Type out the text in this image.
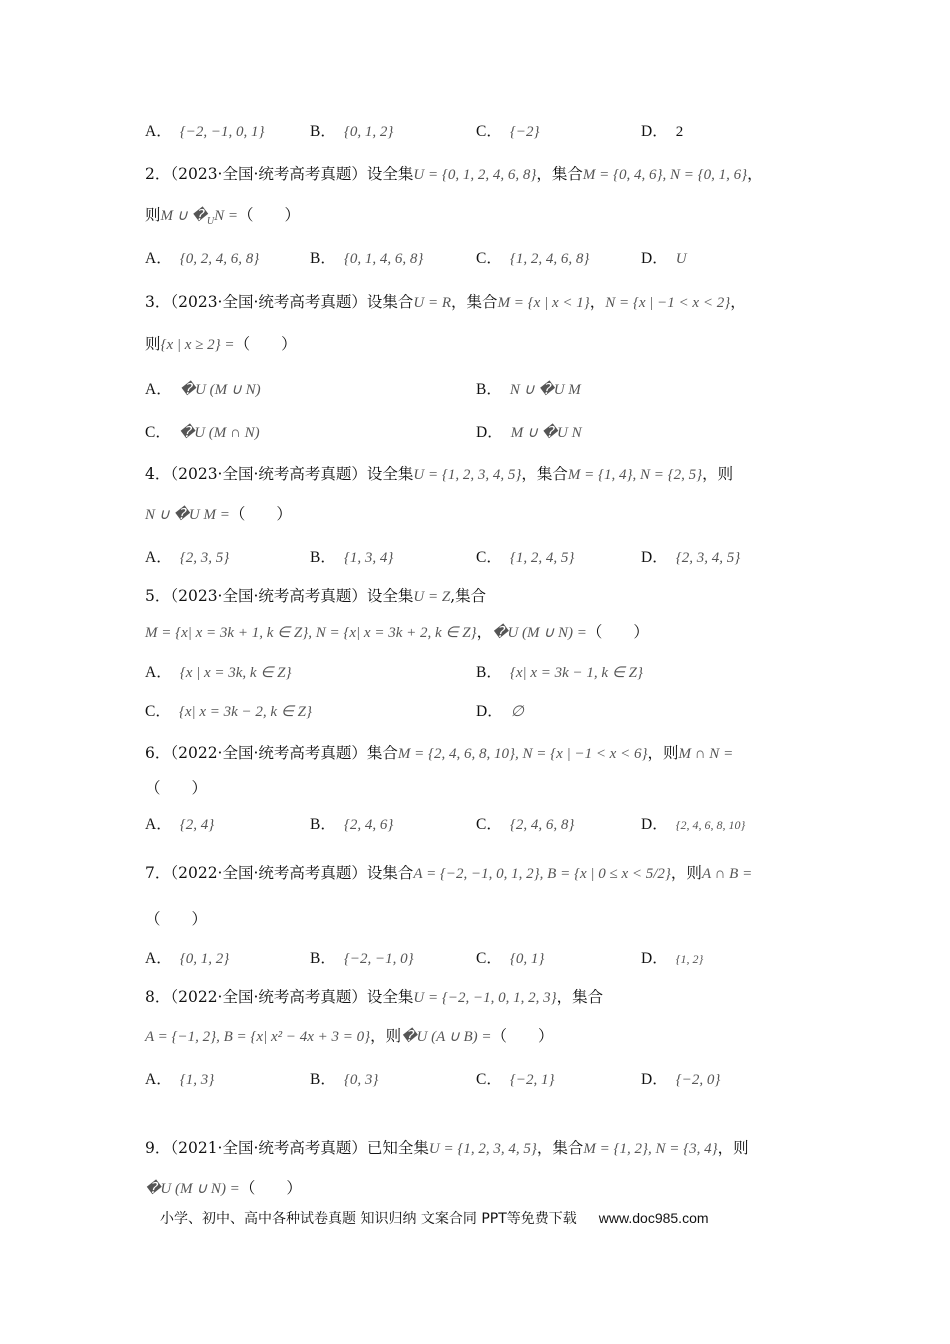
A． {−2, −1, 0, 1}	B． {0, 1, 2}	C． {−2}	D． 2
2．（2023·全国·统考高考真题）设全集U = {0, 1, 2, 4, 6, 8}，集合M = {0, 4, 6}, N = {0, 1, 6}，
则M ∪ $�_UN$ =（　　）
A． {0, 2, 4, 6, 8}	B． {0, 1, 4, 6, 8}	C． {1, 2, 4, 6, 8}	D． U
3．（2023·全国·统考高考真题）设集合U = R，集合M = {x | x < 1}，N = {x | −1 < x < 2}，
则{x | x ≥ 2} =（　　）
A． �U (M ∪ N)	B． N ∪ �U M
C． �U (M ∩ N)	D． M ∪ �U N
4．（2023·全国·统考高考真题）设全集U = {1, 2, 3, 4, 5}，集合M = {1, 4}, N = {2, 5}，则
N ∪ �U M =（　　）
A． {2, 3, 5}	B． {1, 3, 4}	C． {1, 2, 4, 5}	D． {2, 3, 4, 5}
5．（2023·全国·统考高考真题）设全集U = Z,集合
M = {x| x = 3k + 1, k ∈ Z}, N = {x| x = 3k + 2, k ∈ Z}，�U (M ∪ N) =（　　）
A． {x | x = 3k, k ∈ Z}	B． {x| x = 3k − 1, k ∈ Z}
C． {x| x = 3k − 2, k ∈ Z}	D． ∅
6．（2022·全国·统考高考真题）集合M = {2, 4, 6, 8, 10}, N = {x | −1 < x < 6}，则M ∩ N =
（　　）
A． {2, 4}	B． {2, 4, 6}	C． {2, 4, 6, 8}	D． {2, 4, 6, 8, 10}
7．（2022·全国·统考高考真题）设集合A = {−2, −1, 0, 1, 2}, B = {x | 0 ≤ x < 5/2}，则A ∩ B =
（　　）
A． {0, 1, 2}	B． {−2, −1, 0}	C． {0, 1}	D． {1, 2}
8．（2022·全国·统考高考真题）设全集U = {−2, −1, 0, 1, 2, 3}，集合
A = {−1, 2}, B = {x| x² − 4x + 3 = 0}，则�U (A ∪ B) =（　　）
A． {1, 3}	B． {0, 3}	C． {−2, 1}	D． {−2, 0}
9．（2021·全国·统考高考真题）已知全集U = {1, 2, 3, 4, 5}，集合M = {1, 2}, N = {3, 4}，则
�U (M ∪ N) =（　　）
小学、初中、高中各种试卷真题 知识归纳 文案合同 PPT等免费下载 www.doc985.com
